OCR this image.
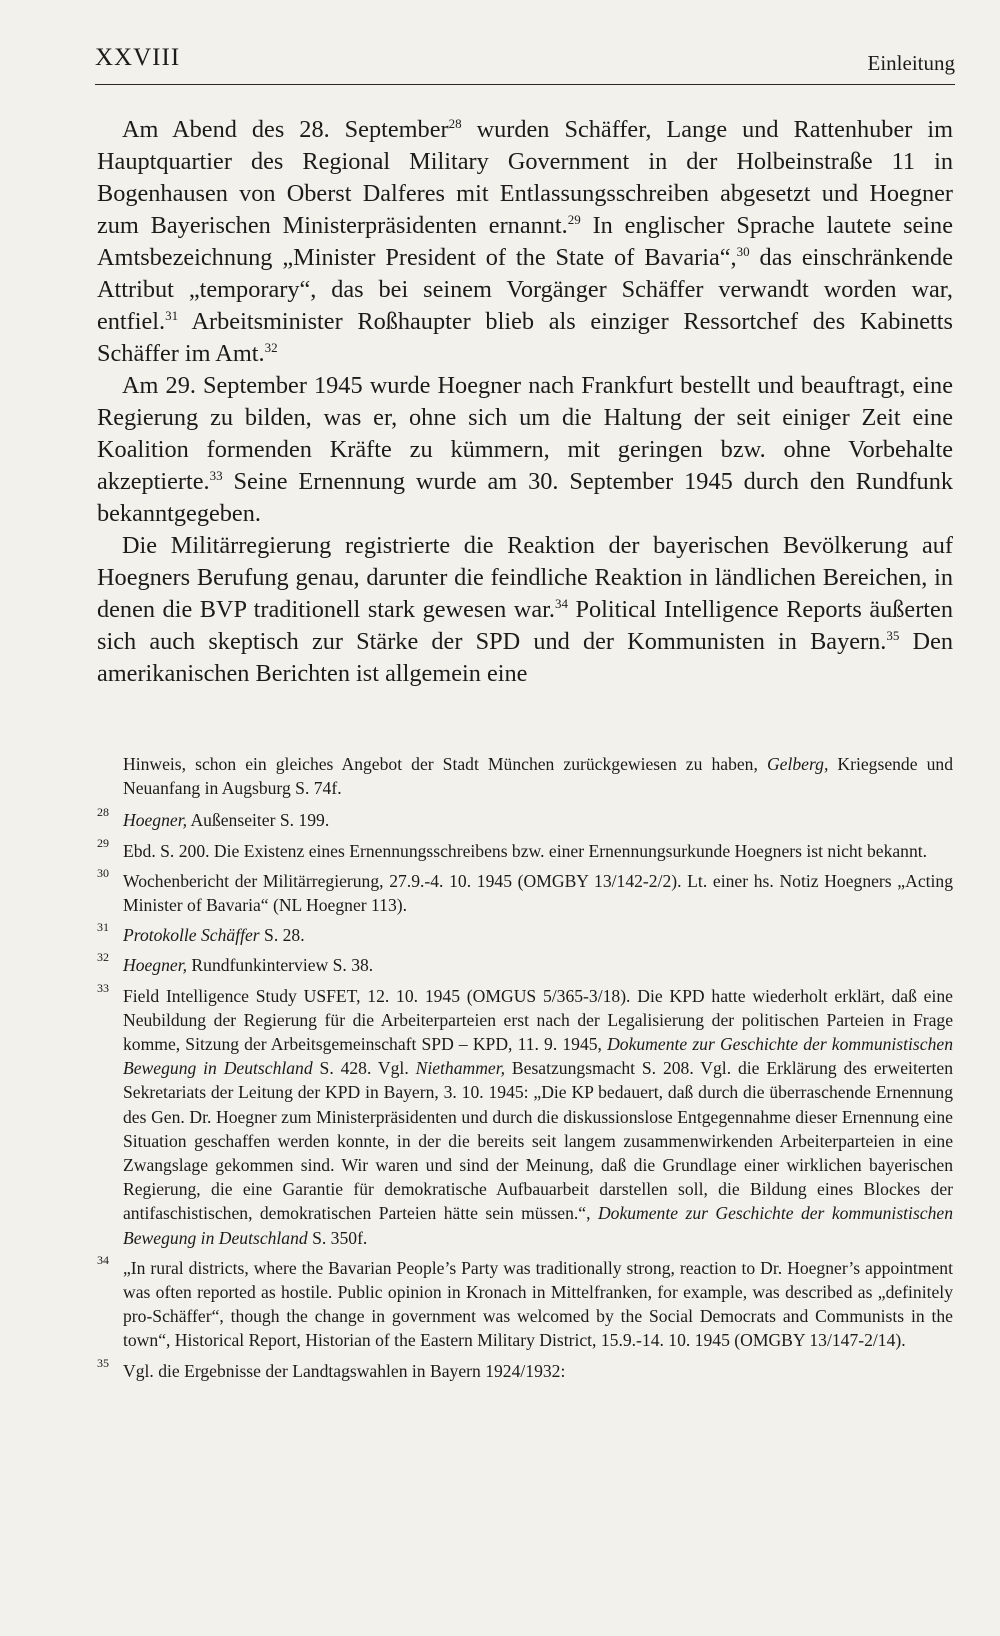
XXVIII	Einleitung

Am Abend des 28. September$^{28}$ wurden Schäffer, Lange und Rattenhuber im Hauptquartier des Regional Military Government in der Holbeinstraße 11 in Bogenhausen von Oberst Dalferes mit Entlassungsschreiben abgesetzt und Hoegner zum Bayerischen Ministerpräsidenten ernannt.$^{29}$ In englischer Sprache lautete seine Amtsbezeichnung „Minister President of the State of Bavaria“,$^{30}$ das einschränkende Attribut „temporary“, das bei seinem Vorgänger Schäffer verwandt worden war, entfiel.$^{31}$ Arbeitsminister Roßhaupter blieb als einziger Ressortchef des Kabinetts Schäffer im Amt.$^{32}$

Am 29. September 1945 wurde Hoegner nach Frankfurt bestellt und beauftragt, eine Regierung zu bilden, was er, ohne sich um die Haltung der seit einiger Zeit eine Koalition formenden Kräfte zu kümmern, mit geringen bzw. ohne Vorbehalte akzeptierte.$^{33}$ Seine Ernennung wurde am 30. September 1945 durch den Rundfunk bekanntgegeben.

Die Militärregierung registrierte die Reaktion der bayerischen Bevölkerung auf Hoegners Berufung genau, darunter die feindliche Reaktion in ländlichen Bereichen, in denen die BVP traditionell stark gewesen war.$^{34}$ Political Intelligence Reports äußerten sich auch skeptisch zur Stärke der SPD und der Kommunisten in Bayern.$^{35}$ Den amerikanischen Berichten ist allgemein eine

Hinweis, schon ein gleiches Angebot der Stadt München zurückgewiesen zu haben, Gelberg, Kriegsende und Neuanfang in Augsburg S. 74f.
28 Hoegner, Außenseiter S. 199.
29 Ebd. S. 200. Die Existenz eines Ernennungsschreibens bzw. einer Ernennungsurkunde Hoegners ist nicht bekannt.
30 Wochenbericht der Militärregierung, 27.9.-4. 10. 1945 (OMGBY 13/142-2/2). Lt. einer hs. Notiz Hoegners „Acting Minister of Bavaria“ (NL Hoegner 113).
31 Protokolle Schäffer S. 28.
32 Hoegner, Rundfunkinterview S. 38.
33 Field Intelligence Study USFET, 12. 10. 1945 (OMGUS 5/365-3/18). Die KPD hatte wiederholt erklärt, daß eine Neubildung der Regierung für die Arbeiterparteien erst nach der Legalisierung der politischen Parteien in Frage komme, Sitzung der Arbeitsgemeinschaft SPD – KPD, 11. 9. 1945, Dokumente zur Geschichte der kommunistischen Bewegung in Deutschland S. 428. Vgl. Niethammer, Besatzungsmacht S. 208. Vgl. die Erklärung des erweiterten Sekretariats der Leitung der KPD in Bayern, 3. 10. 1945: „Die KP bedauert, daß durch die überraschende Ernennung des Gen. Dr. Hoegner zum Ministerpräsidenten und durch die diskussionslose Entgegennahme dieser Ernennung eine Situation geschaffen werden konnte, in der die bereits seit langem zusammenwirkenden Arbeiterparteien in eine Zwangslage gekommen sind. Wir waren und sind der Meinung, daß die Grundlage einer wirklichen bayerischen Regierung, die eine Garantie für demokratische Aufbauarbeit darstellen soll, die Bildung eines Blockes der antifaschistischen, demokratischen Parteien hätte sein müssen.“, Dokumente zur Geschichte der kommunistischen Bewegung in Deutschland S. 350f.
34 „In rural districts, where the Bavarian People’s Party was traditionally strong, reaction to Dr. Hoegner’s appointment was often reported as hostile. Public opinion in Kronach in Mittelfranken, for example, was described as „definitely pro-Schäffer“, though the change in government was welcomed by the Social Democrats and Communists in the town“, Historical Report, Historian of the Eastern Military District, 15.9.-14. 10. 1945 (OMGBY 13/147-2/14).
35 Vgl. die Ergebnisse der Landtagswahlen in Bayern 1924/1932:
